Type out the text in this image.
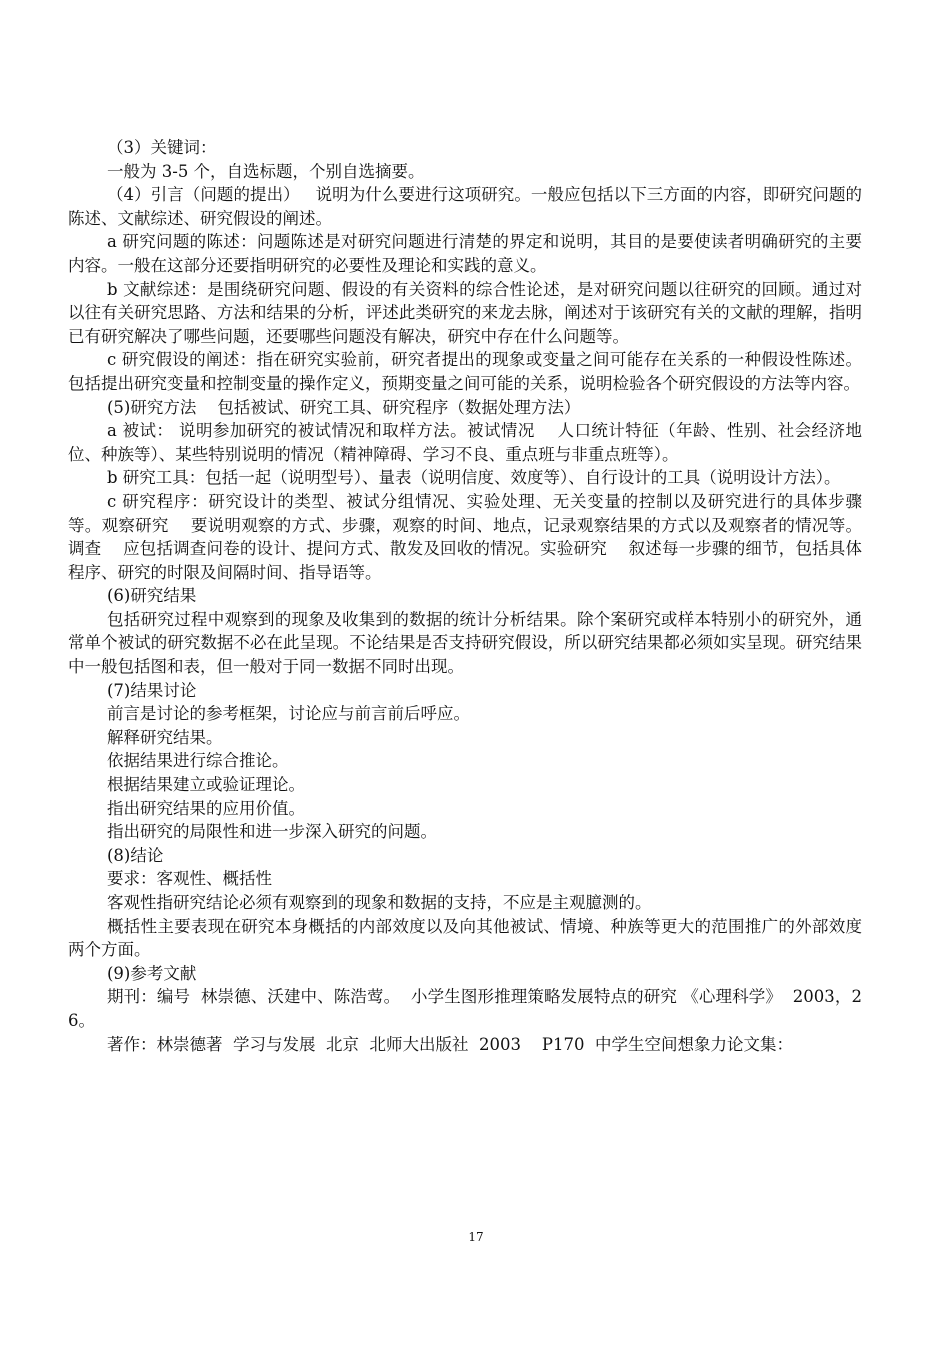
（3）关键词：

一般为 3-5 个，自选标题，个别自选摘要。

（4）引言（问题的提出）   说明为什么要进行这项研究。一般应包括以下三方面的内容，即研究问题的陈述、文献综述、研究假设的阐述。

a 研究问题的陈述：问题陈述是对研究问题进行清楚的界定和说明，其目的是要使读者明确研究的主要内容。一般在这部分还要指明研究的必要性及理论和实践的意义。

b 文献综述：是围绕研究问题、假设的有关资料的综合性论述，是对研究问题以往研究的回顾。通过对以往有关研究思路、方法和结果的分析，评述此类研究的来龙去脉，阐述对于该研究有关的文献的理解，指明已有研究解决了哪些问题，还要哪些问题没有解决，研究中存在什么问题等。

c 研究假设的阐述：指在研究实验前，研究者提出的现象或变量之间可能存在关系的一种假设性陈述。包括提出研究变量和控制变量的操作定义，预期变量之间可能的关系，说明检验各个研究假设的方法等内容。

(5)研究方法    包括被试、研究工具、研究程序（数据处理方法）

a 被试： 说明参加研究的被试情况和取样方法。被试情况    人口统计特征（年龄、性别、社会经济地位、种族等）、某些特别说明的情况（精神障碍、学习不良、重点班与非重点班等）。

b 研究工具：包括一起（说明型号）、量表（说明信度、效度等）、自行设计的工具（说明设计方法）。

c 研究程序：研究设计的类型、被试分组情况、实验处理、无关变量的控制以及研究进行的具体步骤等。观察研究    要说明观察的方式、步骤，观察的时间、地点，记录观察结果的方式以及观察者的情况等。调查    应包括调查问卷的设计、提问方式、散发及回收的情况。实验研究    叙述每一步骤的细节，包括具体程序、研究的时限及间隔时间、指导语等。

(6)研究结果

包括研究过程中观察到的现象及收集到的数据的统计分析结果。除个案研究或样本特别小的研究外，通常单个被试的研究数据不必在此呈现。不论结果是否支持研究假设，所以研究结果都必须如实呈现。研究结果中一般包括图和表，但一般对于同一数据不同时出现。

(7)结果讨论

前言是讨论的参考框架，讨论应与前言前后呼应。

解释研究结果。

依据结果进行综合推论。

根据结果建立或验证理论。

指出研究结果的应用价值。

指出研究的局限性和进一步深入研究的问题。

(8)结论

要求：客观性、概括性

客观性指研究结论必须有观察到的现象和数据的支持，不应是主观臆测的。

概括性主要表现在研究本身概括的内部效度以及向其他被试、情境、种族等更大的范围推广的外部效度两个方面。

(9)参考文献

期刊：编号  林崇德、沃建中、陈浩莺。  小学生图形推理策略发展特点的研究 《心理科学》  2003，26。

著作：林崇德著  学习与发展  北京  北师大出版社  2003    P170  中学生空间想象力论文集：

17
